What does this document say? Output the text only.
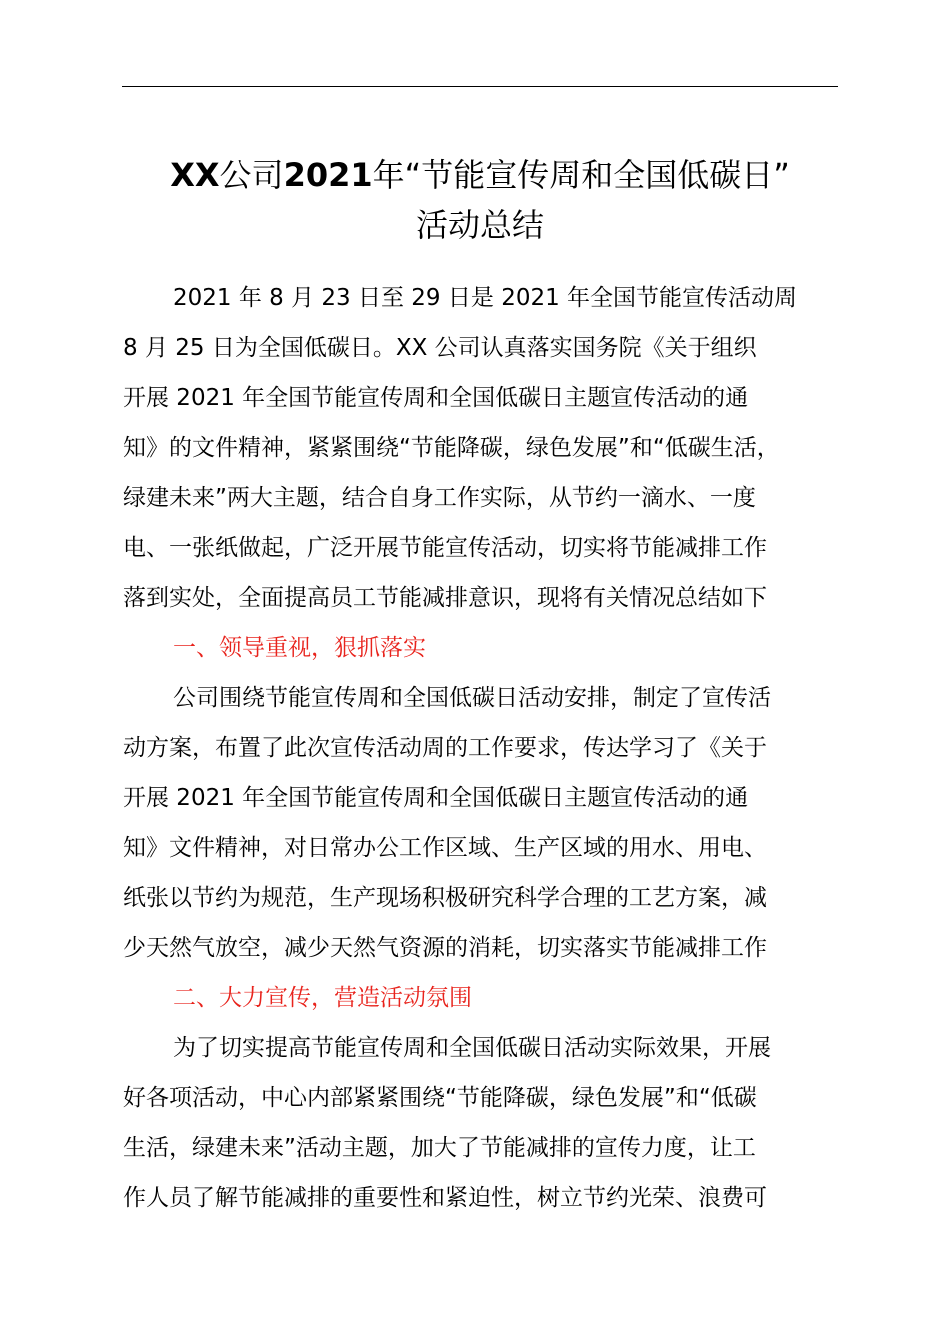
XX公司2021年“节能宣传周和全国低碳日”
活动总结
2021 年 8 月 23 日至 29 日是 2021 年全国节能宣传活动周
8 月 25 日为全国低碳日。XX 公司认真落实国务院《关于组织
开展 2021 年全国节能宣传周和全国低碳日主题宣传活动的通
知》的文件精神，紧紧围绕“节能降碳，绿色发展”和“低碳生活，
绿建未来”两大主题，结合自身工作实际，从节约一滴水、一度
电、一张纸做起，广泛开展节能宣传活动，切实将节能减排工作
落到实处，全面提高员工节能减排意识，现将有关情况总结如下
一、领导重视，狠抓落实
公司围绕节能宣传周和全国低碳日活动安排，制定了宣传活
动方案，布置了此次宣传活动周的工作要求，传达学习了《关于
开展 2021 年全国节能宣传周和全国低碳日主题宣传活动的通
知》文件精神，对日常办公工作区域、生产区域的用水、用电、
纸张以节约为规范，生产现场积极研究科学合理的工艺方案，减
少天然气放空，减少天然气资源的消耗，切实落实节能减排工作
二、大力宣传，营造活动氛围
为了切实提高节能宣传周和全国低碳日活动实际效果，开展
好各项活动，中心内部紧紧围绕“节能降碳，绿色发展”和“低碳
生活，绿建未来”活动主题，加大了节能减排的宣传力度，让工
作人员了解节能减排的重要性和紧迫性，树立节约光荣、浪费可
